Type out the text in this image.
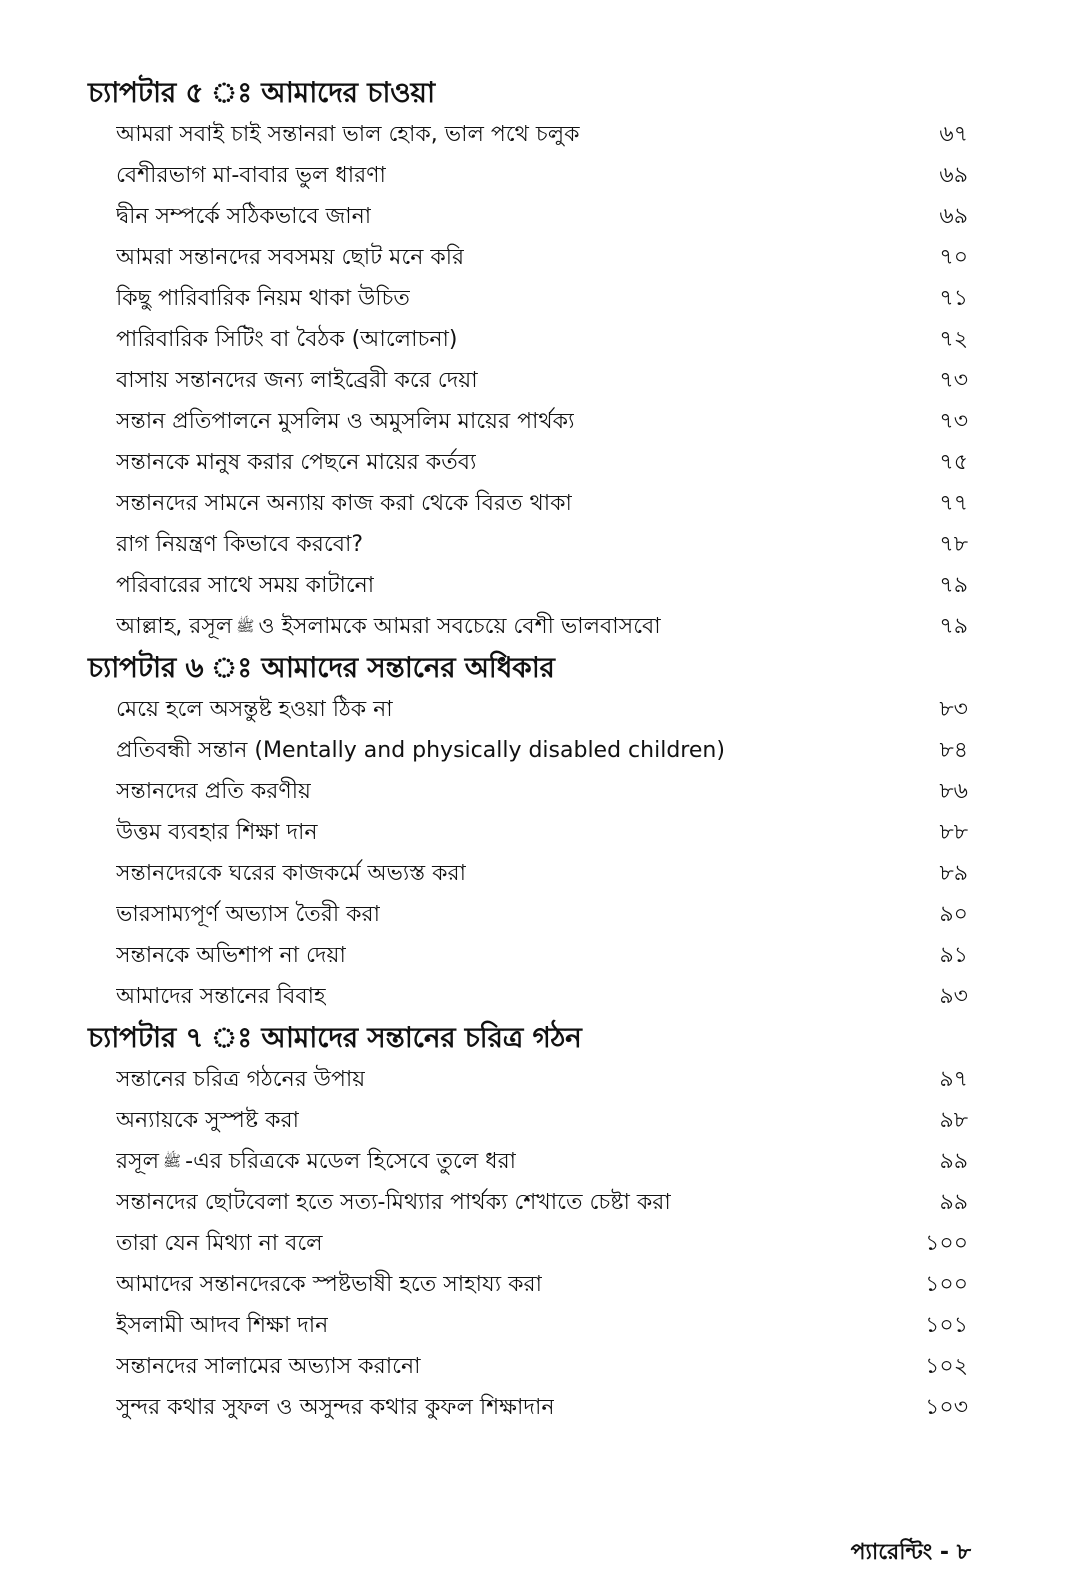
চ্যাপটার ৫ ঃ আমাদের চাওয়া
আমরা সবাই চাই সন্তানরা ভাল হোক, ভাল পথে চলুক	৬৭
বেশীরভাগ মা-বাবার ভুল ধারণা	৬৯
দ্বীন সম্পর্কে সঠিকভাবে জানা	৬৯
আমরা সন্তানদের সবসময় ছোট মনে করি	৭০
কিছু পারিবারিক নিয়ম থাকা উচিত	৭১
পারিবারিক সিটিং বা বৈঠক (আলোচনা)	৭২
বাসায় সন্তানদের জন্য লাইব্রেরী করে দেয়া	৭৩
সন্তান প্রতিপালনে মুসলিম ও অমুসলিম মায়ের পার্থক্য	৭৩
সন্তানকে মানুষ করার পেছনে মায়ের কর্তব্য	৭৫
সন্তানদের সামনে অন্যায় কাজ করা থেকে বিরত থাকা	৭৭
রাগ নিয়ন্ত্রণ কিভাবে করবো?	৭৮
পরিবারের সাথে সময় কাটানো	৭৯
আল্লাহ, রসূল ﷺ ও ইসলামকে আমরা সবচেয়ে বেশী ভালবাসবো	৭৯
চ্যাপটার ৬ ঃ আমাদের সন্তানের অধিকার
মেয়ে হলে অসন্তুষ্ট হওয়া ঠিক না	৮৩
প্রতিবন্ধী সন্তান (Mentally and physically disabled children)	৮৪
সন্তানদের প্রতি করণীয়	৮৬
উত্তম ব্যবহার শিক্ষা দান	৮৮
সন্তানদেরকে ঘরের কাজকর্মে অভ্যস্ত করা	৮৯
ভারসাম্যপূর্ণ অভ্যাস তৈরী করা	৯০
সন্তানকে অভিশাপ না দেয়া	৯১
আমাদের সন্তানের বিবাহ	৯৩
চ্যাপটার ৭ ঃ আমাদের সন্তানের চরিত্র গঠন
সন্তানের চরিত্র গঠনের উপায়	৯৭
অন্যায়কে সুস্পষ্ট করা	৯৮
রসূল ﷺ -এর চরিত্রকে মডেল হিসেবে তুলে ধরা	৯৯
সন্তানদের ছোটবেলা হতে সত্য-মিথ্যার পার্থক্য শেখাতে চেষ্টা করা	৯৯
তারা যেন মিথ্যা না বলে	১০০
আমাদের সন্তানদেরকে স্পষ্টভাষী হতে সাহায্য করা	১০০
ইসলামী আদব শিক্ষা দান	১০১
সন্তানদের সালামের অভ্যাস করানো	১০২
সুন্দর কথার সুফল ও অসুন্দর কথার কুফল শিক্ষাদান	১০৩
প্যারেন্টিং - ৮
